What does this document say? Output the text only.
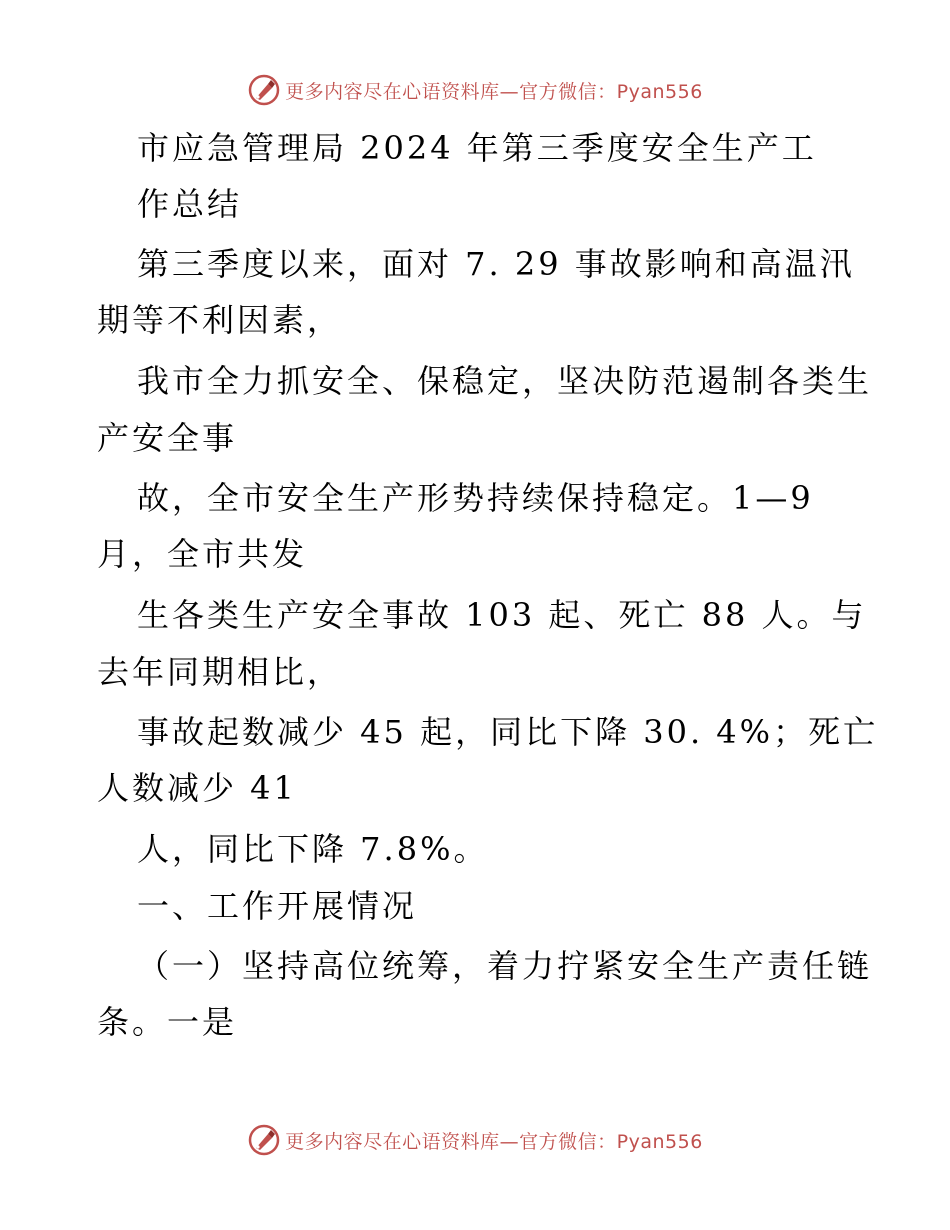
更多内容尽在心语资料库—官方微信：Pyan556
市应急管理局 2024 年第三季度安全生产工
作总结
第三季度以来，面对 7. 29 事故影响和高温汛
期等不利因素，
我市全力抓安全、保稳定，坚决防范遏制各类生
产安全事
故，全市安全生产形势持续保持稳定。1—9
月，全市共发
生各类生产安全事故 103 起、死亡 88 人。与
去年同期相比，
事故起数减少 45 起，同比下降 30. 4%；死亡
人数减少 41
人，同比下降 7.8%。
一、工作开展情况
（一）坚持高位统筹，着力拧紧安全生产责任链
条。一是
更多内容尽在心语资料库—官方微信：Pyan556
